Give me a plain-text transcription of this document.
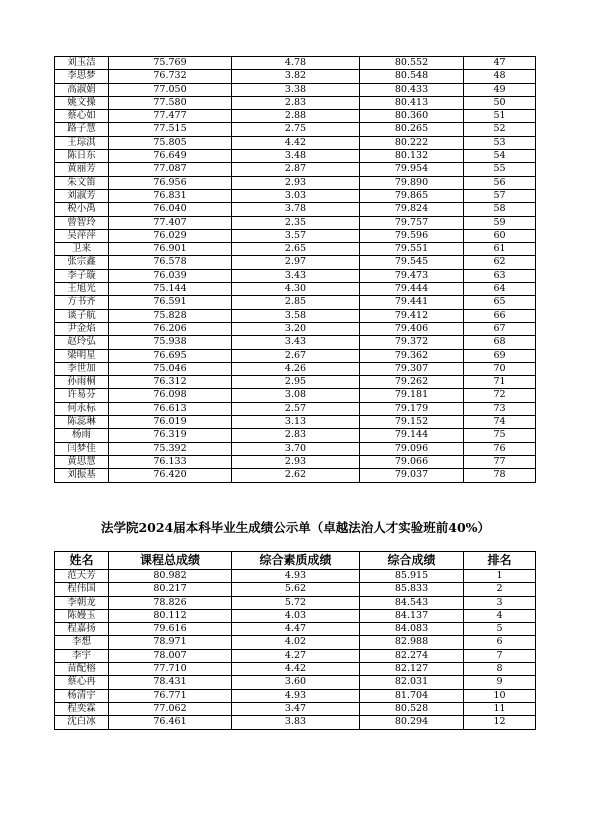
刘玉洁	75.769	4.78	80.552	47
李思梦	76.732	3.82	80.548	48
高淑娟	77.050	3.38	80.433	49
姚文操	77.580	2.83	80.413	50
蔡心如	77.477	2.88	80.360	51
路子慧	77.515	2.75	80.265	52
王琮淇	75.805	4.42	80.222	53
陈日东	76.649	3.48	80.132	54
黄丽芳	77.087	2.87	79.954	55
朱文笛	76.956	2.93	79.890	56
刘淑芳	76.831	3.03	79.865	57
税小禹	76.040	3.78	79.824	58
曾智玲	77.407	2.35	79.757	59
吴萍萍	76.029	3.57	79.596	60
卫来	76.901	2.65	79.551	61
张宗鑫	76.578	2.97	79.545	62
李子璇	76.039	3.43	79.473	63
王旭光	75.144	4.30	79.444	64
方书齐	76.591	2.85	79.441	65
谈子航	75.828	3.58	79.412	66
尹金焰	76.206	3.20	79.406	67
赵玲弘	75.938	3.43	79.372	68
梁明星	76.695	2.67	79.362	69
李世加	75.046	4.26	79.307	70
孙雨桐	76.312	2.95	79.262	71
许易芬	76.098	3.08	79.181	72
何永标	76.613	2.57	79.179	73
陈蕊琳	76.019	3.13	79.152	74
杨雨	76.319	2.83	79.144	75
闫梦佳	75.392	3.70	79.096	76
黄思慧	76.133	2.93	79.066	77
刘振基	76.420	2.62	79.037	78
法学院2024届本科毕业生成绩公示单（卓越法治人才实验班前40%）
姓名	课程总成绩	综合素质成绩	综合成绩	排名
范天芳	80.982	4.93	85.915	1
程伟国	80.217	5.62	85.833	2
李朝龙	78.826	5.72	84.543	3
陈嫚玉	80.112	4.03	84.137	4
程嘉扬	79.616	4.47	84.083	5
李想	78.971	4.02	82.988	6
李宇	78.007	4.27	82.274	7
苗配榕	77.710	4.42	82.127	8
蔡心冉	78.431	3.60	82.031	9
杨清宇	76.771	4.93	81.704	10
程奕霖	77.062	3.47	80.528	11
沈白冰	76.461	3.83	80.294	12
